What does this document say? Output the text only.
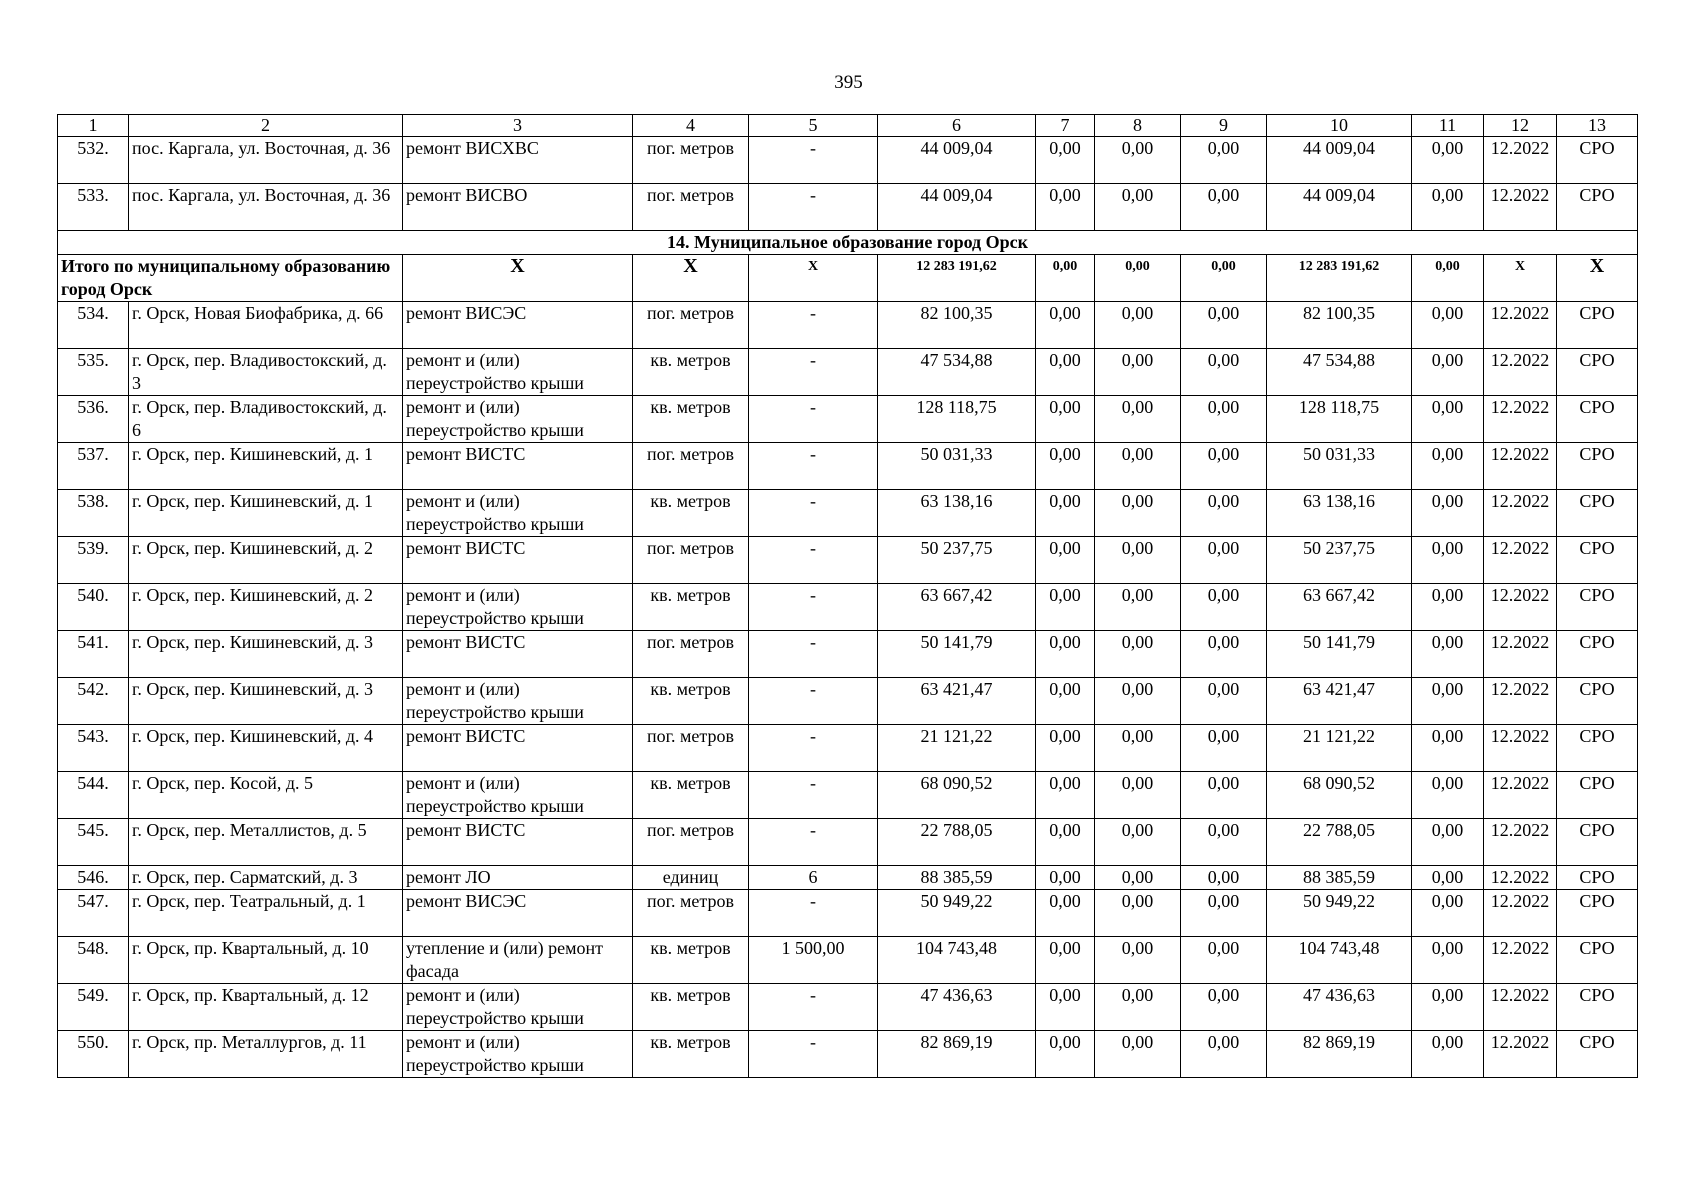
395
1	2	3	4	5	6	7	8	9	10	11	12	13
532.	пос. Каргала, ул. Восточная, д. 36	ремонт ВИСХВС	пог. метров	-	44 009,04	0,00	0,00	0,00	44 009,04	0,00	12.2022	СРО
533.	пос. Каргала, ул. Восточная, д. 36	ремонт ВИСВО	пог. метров	-	44 009,04	0,00	0,00	0,00	44 009,04	0,00	12.2022	СРО
14. Муниципальное образование город Орск												
Итого по муниципальному образованию город Орск		X	X	X	12 283 191,62	0,00	0,00	0,00	12 283 191,62	0,00	X	X
534.	г. Орск, Новая Биофабрика, д. 66	ремонт ВИСЭС	пог. метров	-	82 100,35	0,00	0,00	0,00	82 100,35	0,00	12.2022	СРО
535.	г. Орск, пер. Владивостокский, д. 3	ремонт и (или) переустройство крыши	кв. метров	-	47 534,88	0,00	0,00	0,00	47 534,88	0,00	12.2022	СРО
536.	г. Орск, пер. Владивостокский, д. 6	ремонт и (или) переустройство крыши	кв. метров	-	128 118,75	0,00	0,00	0,00	128 118,75	0,00	12.2022	СРО
537.	г. Орск, пер. Кишиневский, д. 1	ремонт ВИСТС	пог. метров	-	50 031,33	0,00	0,00	0,00	50 031,33	0,00	12.2022	СРО
538.	г. Орск, пер. Кишиневский, д. 1	ремонт и (или) переустройство крыши	кв. метров	-	63 138,16	0,00	0,00	0,00	63 138,16	0,00	12.2022	СРО
539.	г. Орск, пер. Кишиневский, д. 2	ремонт ВИСТС	пог. метров	-	50 237,75	0,00	0,00	0,00	50 237,75	0,00	12.2022	СРО
540.	г. Орск, пер. Кишиневский, д. 2	ремонт и (или) переустройство крыши	кв. метров	-	63 667,42	0,00	0,00	0,00	63 667,42	0,00	12.2022	СРО
541.	г. Орск, пер. Кишиневский, д. 3	ремонт ВИСТС	пог. метров	-	50 141,79	0,00	0,00	0,00	50 141,79	0,00	12.2022	СРО
542.	г. Орск, пер. Кишиневский, д. 3	ремонт и (или) переустройство крыши	кв. метров	-	63 421,47	0,00	0,00	0,00	63 421,47	0,00	12.2022	СРО
543.	г. Орск, пер. Кишиневский, д. 4	ремонт ВИСТС	пог. метров	-	21 121,22	0,00	0,00	0,00	21 121,22	0,00	12.2022	СРО
544.	г. Орск, пер. Косой, д. 5	ремонт и (или) переустройство крыши	кв. метров	-	68 090,52	0,00	0,00	0,00	68 090,52	0,00	12.2022	СРО
545.	г. Орск, пер. Металлистов, д. 5	ремонт ВИСТС	пог. метров	-	22 788,05	0,00	0,00	0,00	22 788,05	0,00	12.2022	СРО
546.	г. Орск, пер. Сарматский, д. 3	ремонт ЛО	единиц	6	88 385,59	0,00	0,00	0,00	88 385,59	0,00	12.2022	СРО
547.	г. Орск, пер. Театральный, д. 1	ремонт ВИСЭС	пог. метров	-	50 949,22	0,00	0,00	0,00	50 949,22	0,00	12.2022	СРО
548.	г. Орск, пр. Квартальный, д. 10	утепление и (или) ремонт фасада	кв. метров	1 500,00	104 743,48	0,00	0,00	0,00	104 743,48	0,00	12.2022	СРО
549.	г. Орск, пр. Квартальный, д. 12	ремонт и (или) переустройство крыши	кв. метров	-	47 436,63	0,00	0,00	0,00	47 436,63	0,00	12.2022	СРО
550.	г. Орск, пр. Металлургов, д. 11	ремонт и (или) переустройство крыши	кв. метров	-	82 869,19	0,00	0,00	0,00	82 869,19	0,00	12.2022	СРО
